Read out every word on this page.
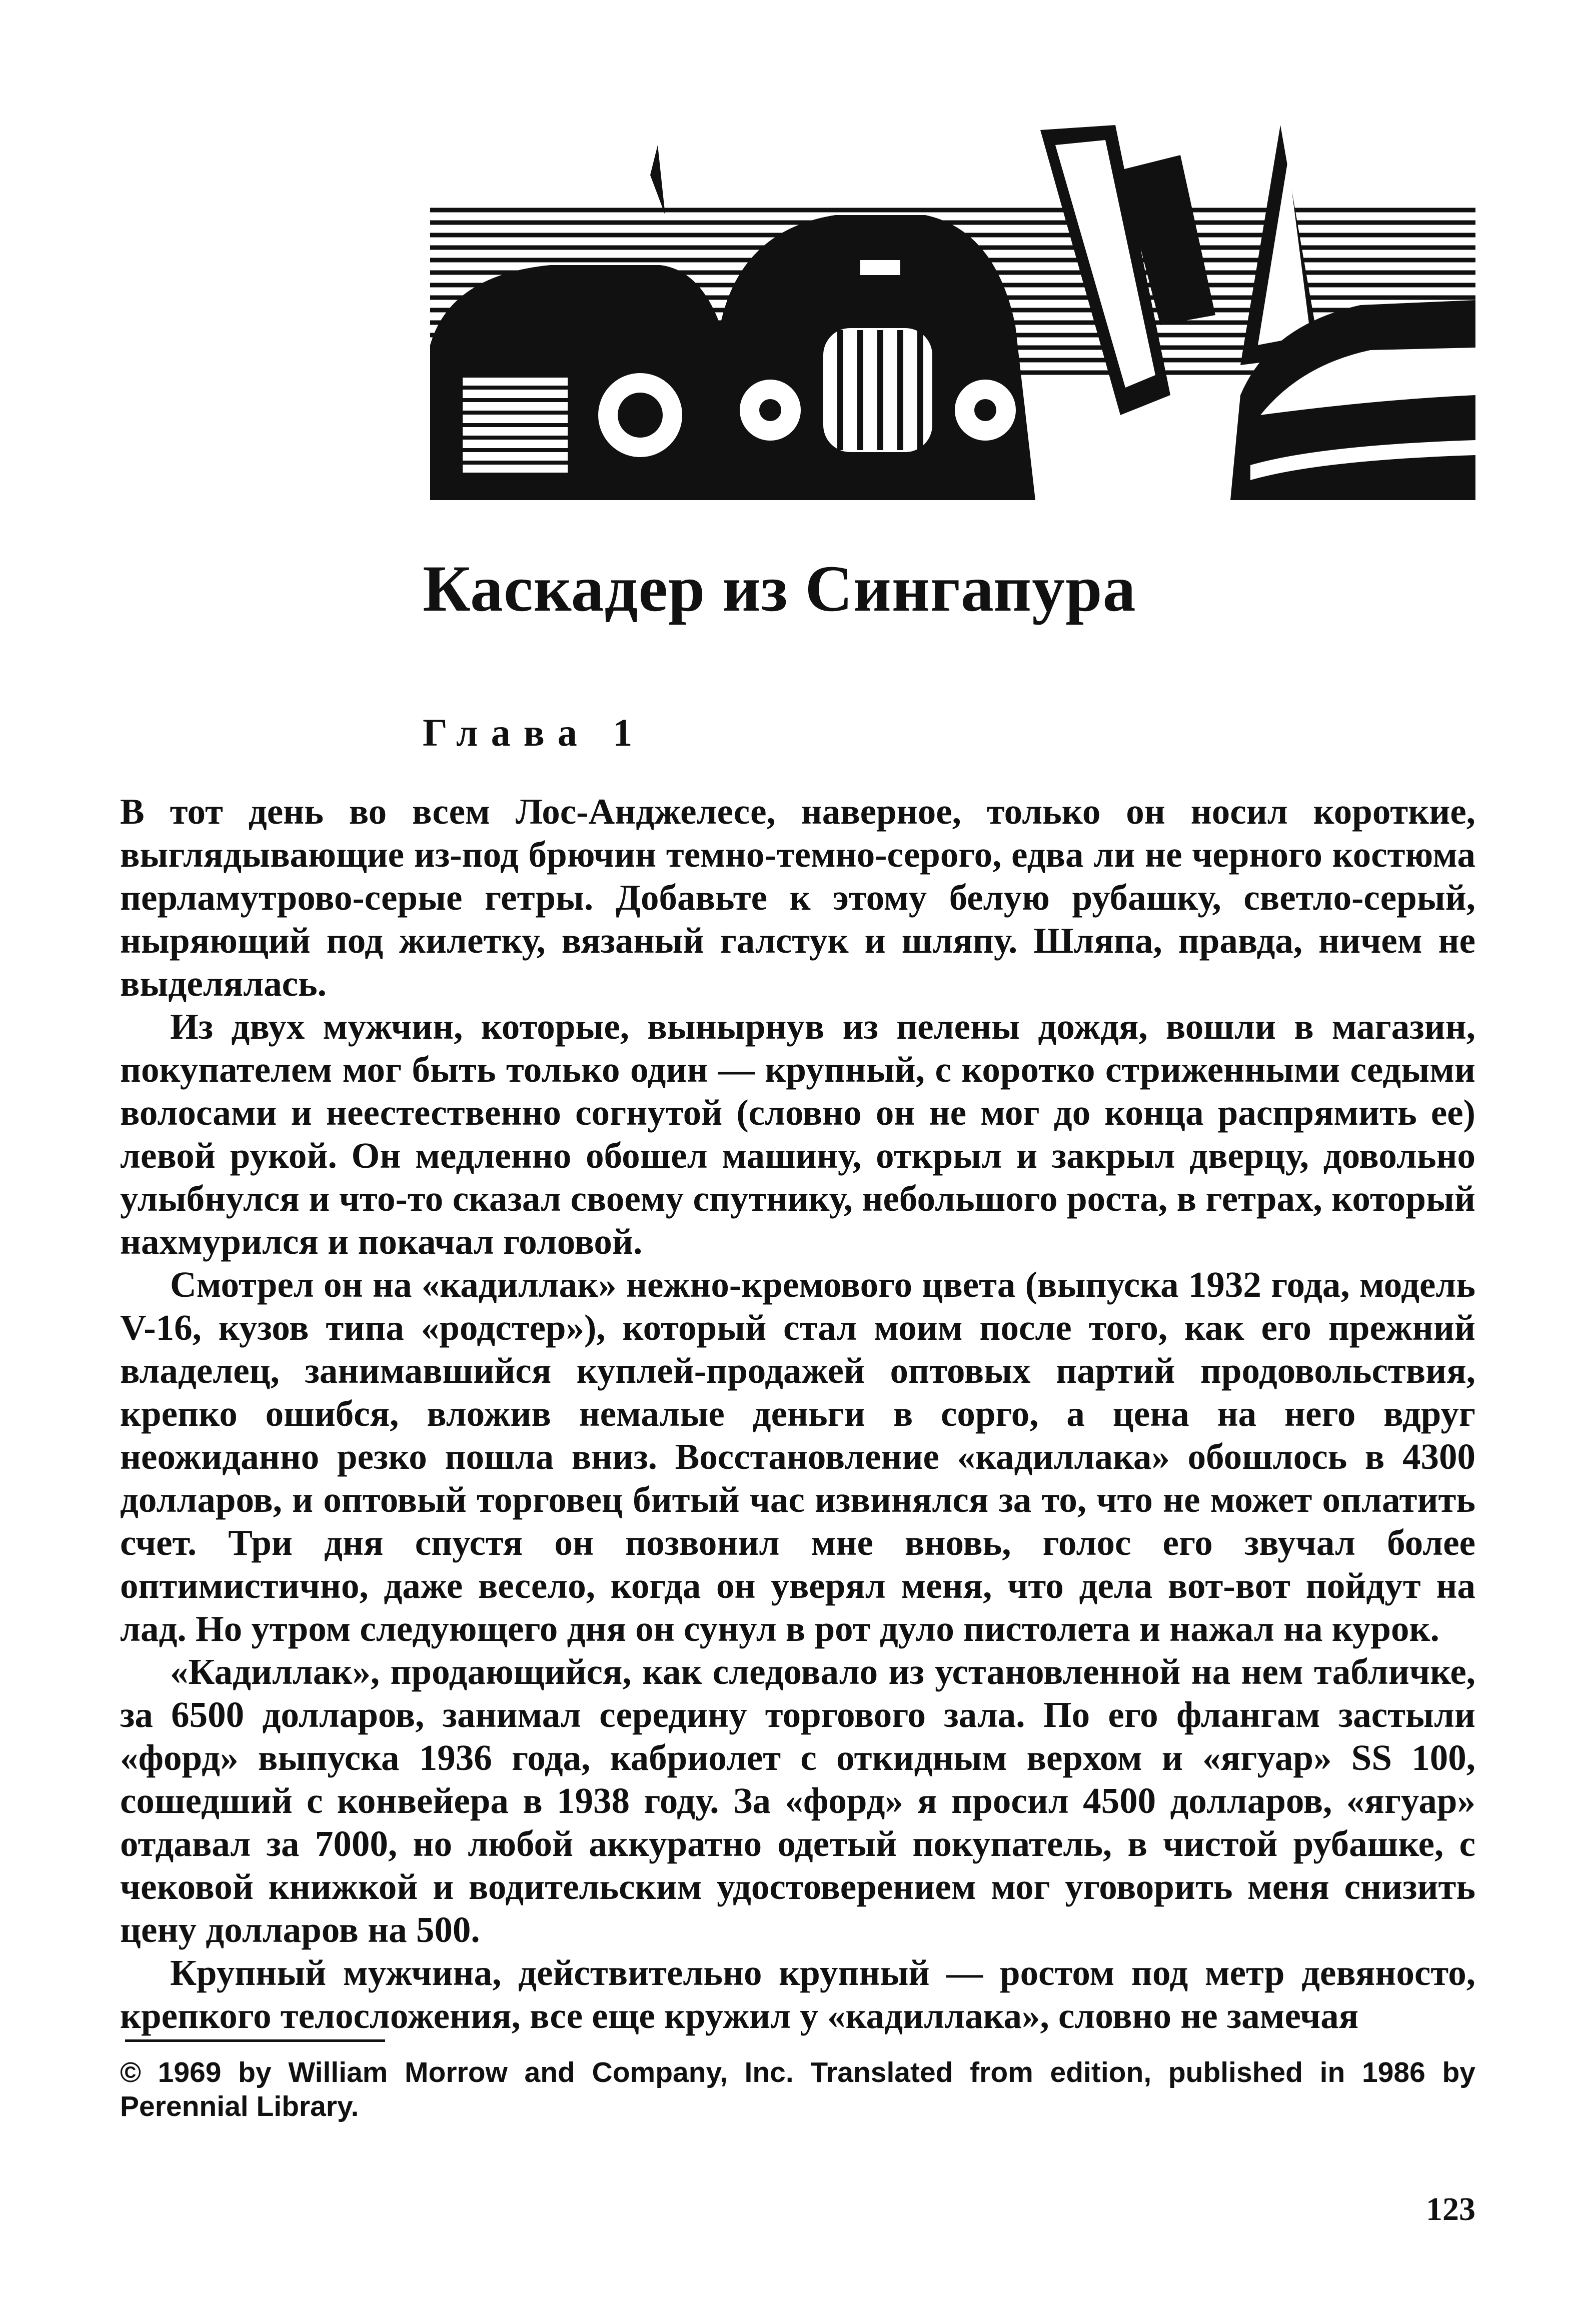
Каскадер из Сингапура
Глава 1

В тот день во всем Лос-Анджелесе, наверное, только он носил короткие, выглядывающие из-под брючин темно-темно-серого, едва ли не черного костюма перламутрово-серые гетры. Добавьте к этому белую рубашку, светло-серый, ныряющий под жилетку, вязаный галстук и шляпу. Шляпа, правда, ничем не выделялась.

Из двух мужчин, которые, вынырнув из пелены дождя, вошли в магазин, покупателем мог быть только один — крупный, с коротко стриженными седыми волосами и неестественно согнутой (словно он не мог до конца распрямить ее) левой рукой. Он медленно обошел машину, открыл и закрыл дверцу, довольно улыбнулся и что-то сказал своему спутнику, небольшого роста, в гетрах, который нахмурился и покачал головой.

Смотрел он на «кадиллак» нежно-кремового цвета (выпуска 1932 года, модель V-16, кузов типа «родстер»), который стал моим после того, как его прежний владелец, занимавшийся куплей-продажей оптовых партий продовольствия, крепко ошибся, вложив немалые деньги в сорго, а цена на него вдруг неожиданно резко пошла вниз. Восстановление «кадиллака» обошлось в 4300 долларов, и оптовый торговец битый час извинялся за то, что не может оплатить счет. Три дня спустя он позвонил мне вновь, голос его звучал более оптимистично, даже весело, когда он уверял меня, что дела вот-вот пойдут на лад. Но утром следующего дня он сунул в рот дуло пистолета и нажал на курок.

«Кадиллак», продающийся, как следовало из установленной на нем табличке, за 6500 долларов, занимал середину торгового зала. По его флангам застыли «форд» выпуска 1936 года, кабриолет с откидным верхом и «ягуар» SS 100, сошедший с конвейера в 1938 году. За «форд» я просил 4500 долларов, «ягуар» отдавал за 7000, но любой аккуратно одетый покупатель, в чистой рубашке, с чековой книжкой и водительским удостоверением мог уговорить меня снизить цену долларов на 500.

Крупный мужчина, действительно крупный — ростом под метр девяносто, крепкого телосложения, все еще кружил у «кадиллака», словно не замечая

© 1969 by William Morrow and Company, Inc. Translated from edition, published in 1986 by Perennial Library.
123
